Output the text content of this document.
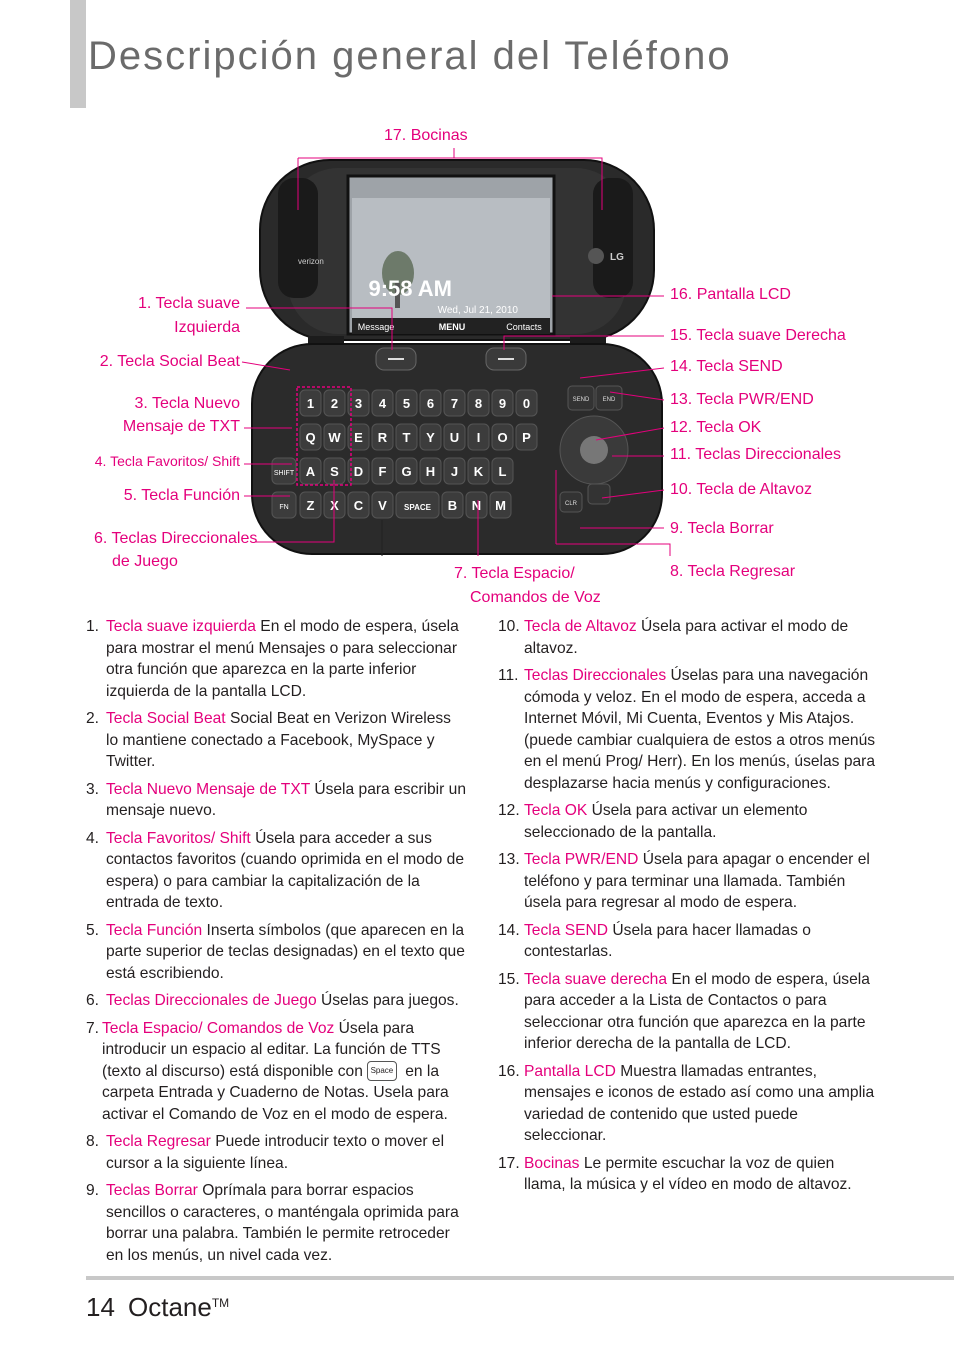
Descripción general del Teléfono
9:58 AM
Wed, Jul 21, 2010
Message	MENU	Contacts
verizon	LG
SEND END
CLR
1 2 3 4 5 6 7 8 9 0
Q W E R T Y U I O P
A S D F G H J K L
Z X C V SPACE B N M
SHIFT
FN
17. Bocinas
1. Tecla suave
Izquierda
2. Tecla Social Beat
3. Tecla Nuevo
Mensaje de TXT
4. Tecla Favoritos/ Shift
5. Tecla Función
6. Teclas Direccionales
de Juego
7. Tecla Espacio/
Comandos de Voz
8. Tecla Regresar
9. Tecla Borrar
10. Tecla de Altavoz
11. Teclas Direccionales
12. Tecla OK
13. Tecla PWR/END
14. Tecla SEND
15. Tecla suave Derecha
16. Pantalla LCD
1. Tecla suave izquierda En el modo de espera, úsela para mostrar el menú Mensajes o para seleccionar otra función que aparezca en la parte inferior izquierda de la pantalla LCD.
2. Tecla Social Beat Social Beat en Verizon Wireless lo mantiene conectado a Facebook, MySpace y Twitter.
3. Tecla Nuevo Mensaje de TXT Úsela para escribir un mensaje nuevo.
4. Tecla Favoritos/ Shift Úsela para acceder a sus contactos favoritos (cuando oprimida en el modo de espera) o para cambiar la capitalización de la entrada de texto.
5. Tecla Función Inserta símbolos (que aparecen en la parte superior de teclas designadas) en el texto que está escribiendo.
6. Teclas Direccionales de Juego Úselas para juegos.
7. Tecla Espacio/ Comandos de Voz Úsela para introducir un espacio al editar. La función de TTS (texto al discurso) está disponible con Space en la carpeta Entrada y Cuaderno de Notas. Usela para activar el Comando de Voz en el modo de espera.
8. Tecla Regresar Puede introducir texto o mover el cursor a la siguiente línea.
9. Teclas Borrar Oprímala para borrar espacios sencillos o caracteres, o manténgala oprimida para borrar una palabra. También le permite retroceder en los menús, un nivel cada vez.
10. Tecla de Altavoz Úsela para activar el modo de altavoz.
11. Teclas Direccionales Úselas para una navegación cómoda y veloz. En el modo de espera, acceda a Internet Móvil, Mi Cuenta, Eventos y Mis Atajos. (puede cambiar cualquiera de estos a otros menús en el menú Prog/ Herr). En los menús, úselas para desplazarse hacia menús y configuraciones.
12. Tecla OK Úsela para activar un elemento seleccionado de la pantalla.
13. Tecla PWR/END Úsela para apagar o encender el teléfono y para terminar una llamada. También úsela para regresar al modo de espera.
14. Tecla SEND Úsela para hacer llamadas o contestarlas.
15. Tecla suave derecha En el modo de espera, úsela para acceder a la Lista de Contactos o para seleccionar otra función que aparezca en la parte inferior derecha de la pantalla de LCD.
16. Pantalla LCD Muestra llamadas entrantes, mensajes e iconos de estado así como una amplia variedad de contenido que usted puede seleccionar.
17. Bocinas Le permite escuchar la voz de quien llama, la música y el vídeo en modo de altavoz.
14 Octane™
